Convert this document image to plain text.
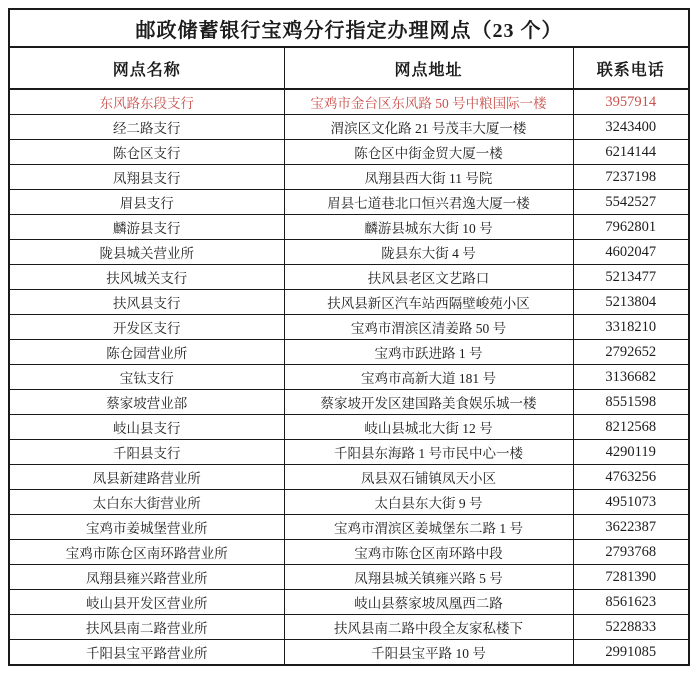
邮政储蓄银行宝鸡分行指定办理网点（23 个）		
网点名称	网点地址	联系电话
东风路东段支行	宝鸡市金台区东风路 50 号中粮国际一楼	3957914
经二路支行	渭滨区文化路 21 号茂丰大厦一楼	3243400
陈仓区支行	陈仓区中街金贸大厦一楼	6214144
凤翔县支行	凤翔县西大街 11 号院	7237198
眉县支行	眉县七道巷北口恒兴君逸大厦一楼	5542527
麟游县支行	麟游县城东大街 10 号	7962801
陇县城关营业所	陇县东大街 4 号	4602047
扶风城关支行	扶风县老区文艺路口	5213477
扶风县支行	扶风县新区汽车站西隔壁峻苑小区	5213804
开发区支行	宝鸡市渭滨区清姜路 50 号	3318210
陈仓园营业所	宝鸡市跃进路 1 号	2792652
宝钛支行	宝鸡市高新大道 181 号	3136682
蔡家坡营业部	蔡家坡开发区建国路美食娱乐城一楼	8551598
岐山县支行	岐山县城北大街 12 号	8212568
千阳县支行	千阳县东海路 1 号市民中心一楼	4290119
凤县新建路营业所	凤县双石铺镇凤天小区	4763256
太白东大街营业所	太白县东大街 9 号	4951073
宝鸡市姜城堡营业所	宝鸡市渭滨区姜城堡东二路 1 号	3622387
宝鸡市陈仓区南环路营业所	宝鸡市陈仓区南环路中段	2793768
凤翔县雍兴路营业所	凤翔县城关镇雍兴路 5 号	7281390
岐山县开发区营业所	岐山县蔡家坡凤凰西二路	8561623
扶风县南二路营业所	扶风县南二路中段全友家私楼下	5228833
千阳县宝平路营业所	千阳县宝平路 10 号	2991085
